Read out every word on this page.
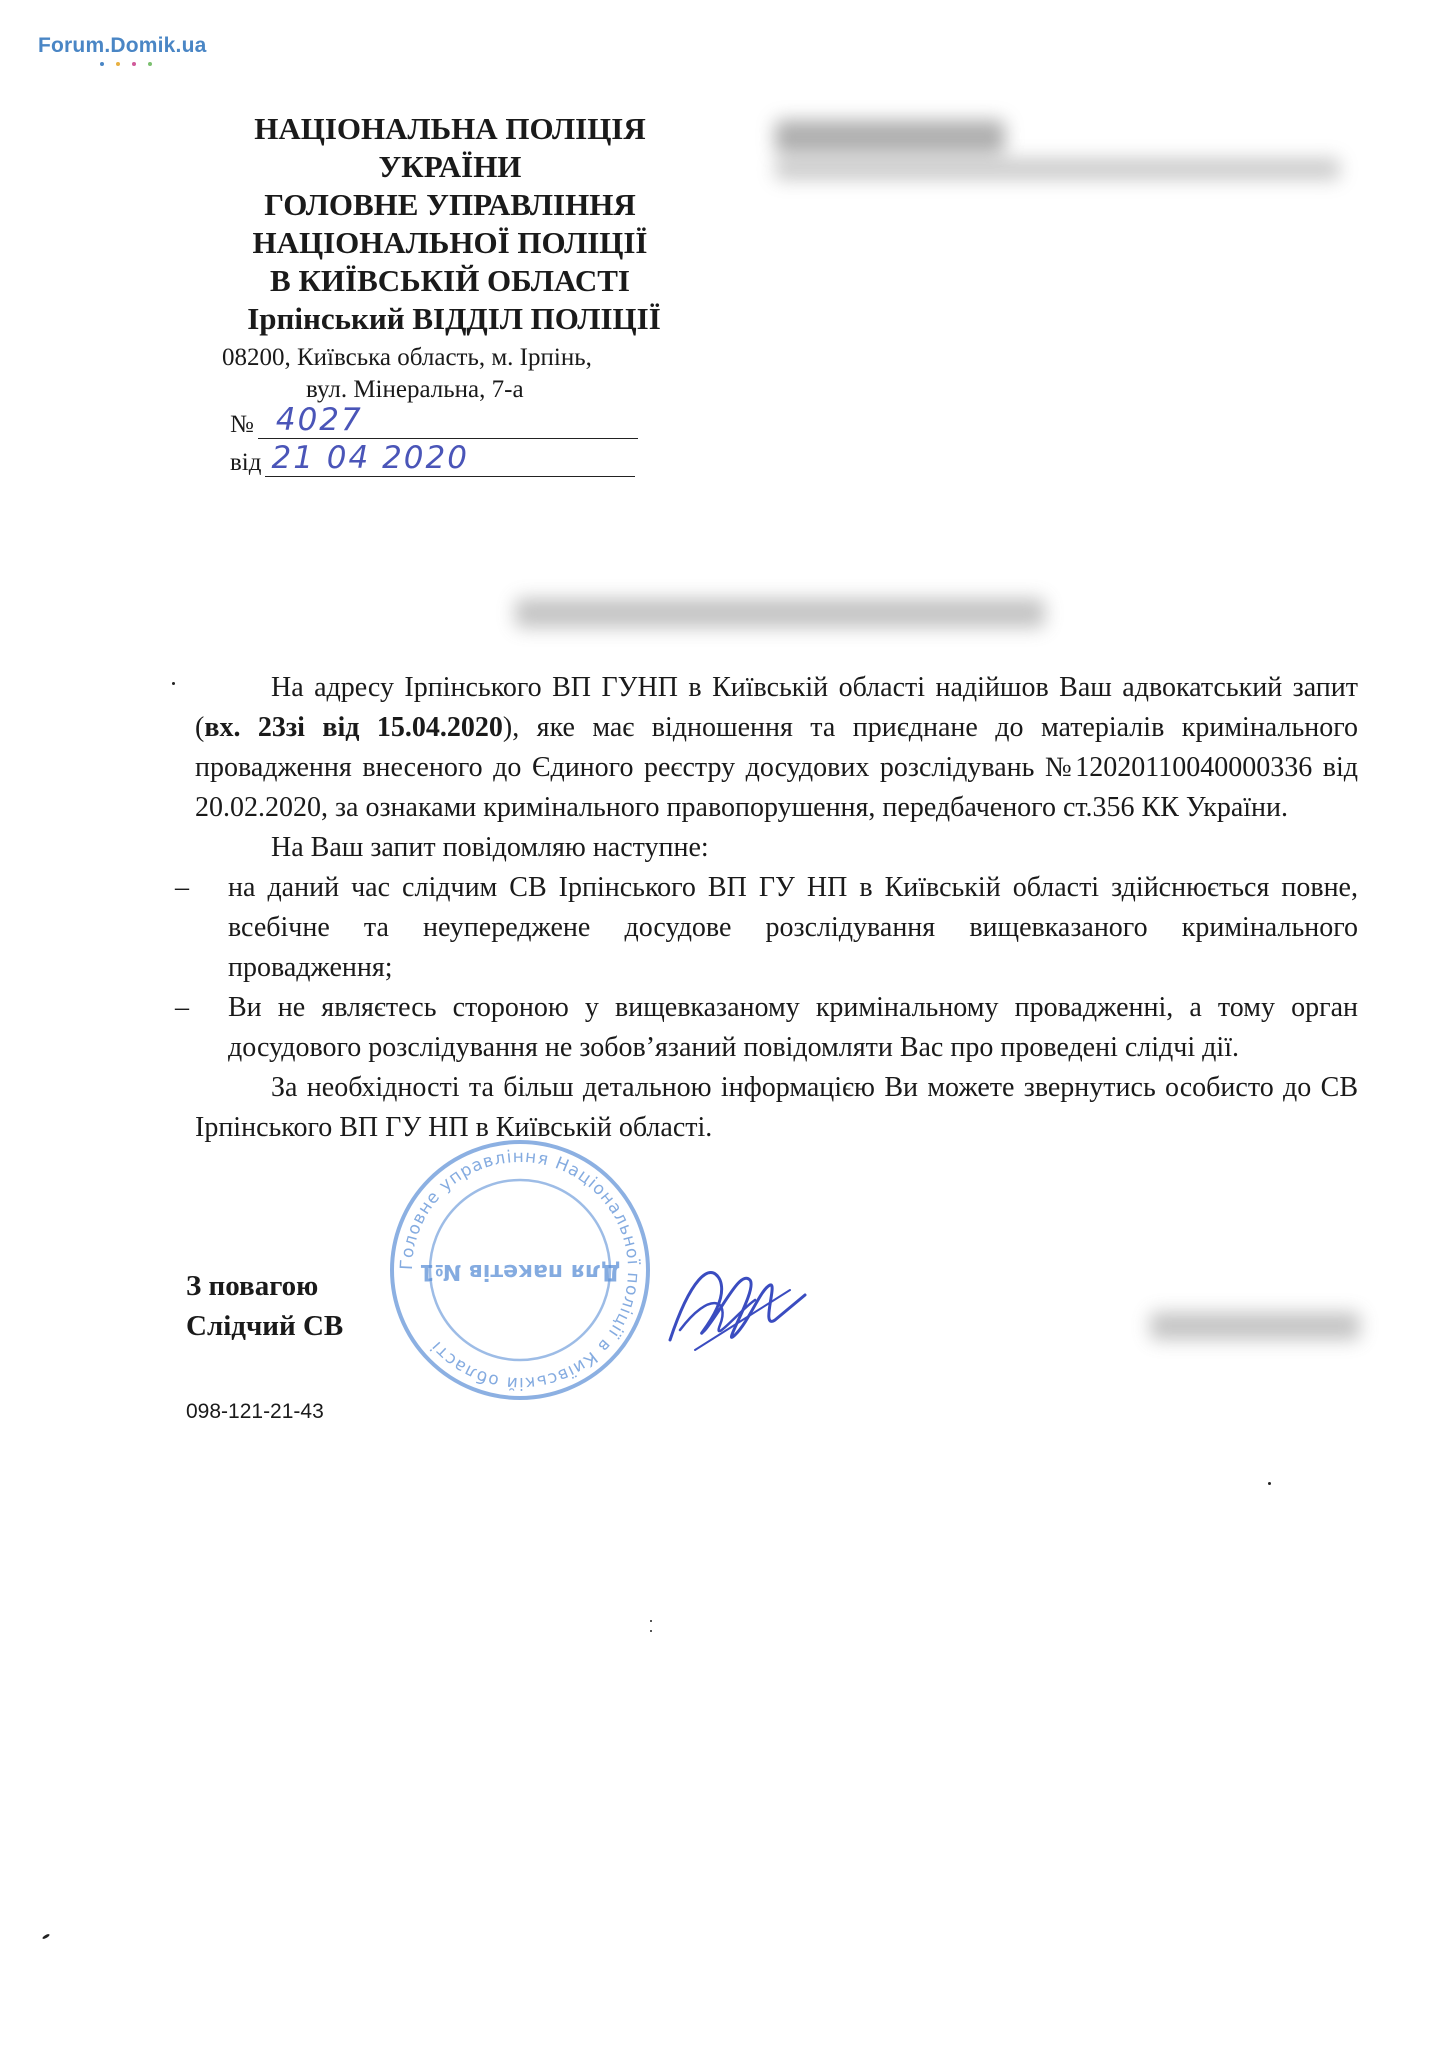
Forum.Domik.ua
НАЦІОНАЛЬНА ПОЛІЦІЯ
УКРАЇНИ
ГОЛОВНЕ УПРАВЛІННЯ
НАЦІОНАЛЬНОЇ ПОЛІЦІЇ
В КИЇВСЬКІЙ ОБЛАСТІ
Ірпінський ВІДДІЛ ПОЛІЦІЇ
08200, Київська область, м. Ірпінь,
вул. Мінеральна, 7-а
№ 4027
від 21 04 2020

На адресу Ірпінського ВП ГУНП в Київській області надійшов Ваш адвокатський запит (вх. 23зі від 15.04.2020), яке має відношення та приєднане до матеріалів кримінального провадження внесеного до Єдиного реєстру досудових розслідувань №12020110040000336 від 20.02.2020, за ознаками кримінального правопорушення, передбаченого ст.356 КК України.

На Ваш запит повідомляю наступне:

– на даний час слідчим СВ Ірпінського ВП ГУ НП в Київській області здійснюється повне, всебічне та неупереджене досудове розслідування вищевказаного кримінального провадження;

– Ви не являєтесь стороною у вищевказаному кримінальному провадженні, а тому орган досудового розслідування не зобов’язаний повідомляти Вас про проведені слідчі дії.

За необхідності та більш детальною інформацією Ви можете звернутись особисто до СВ Ірпінського ВП ГУ НП в Київській області.

Головне управління Національної поліції в Київській області
Для пакетів №1
З повагою
Слідчий СВ
098-121-21-43
